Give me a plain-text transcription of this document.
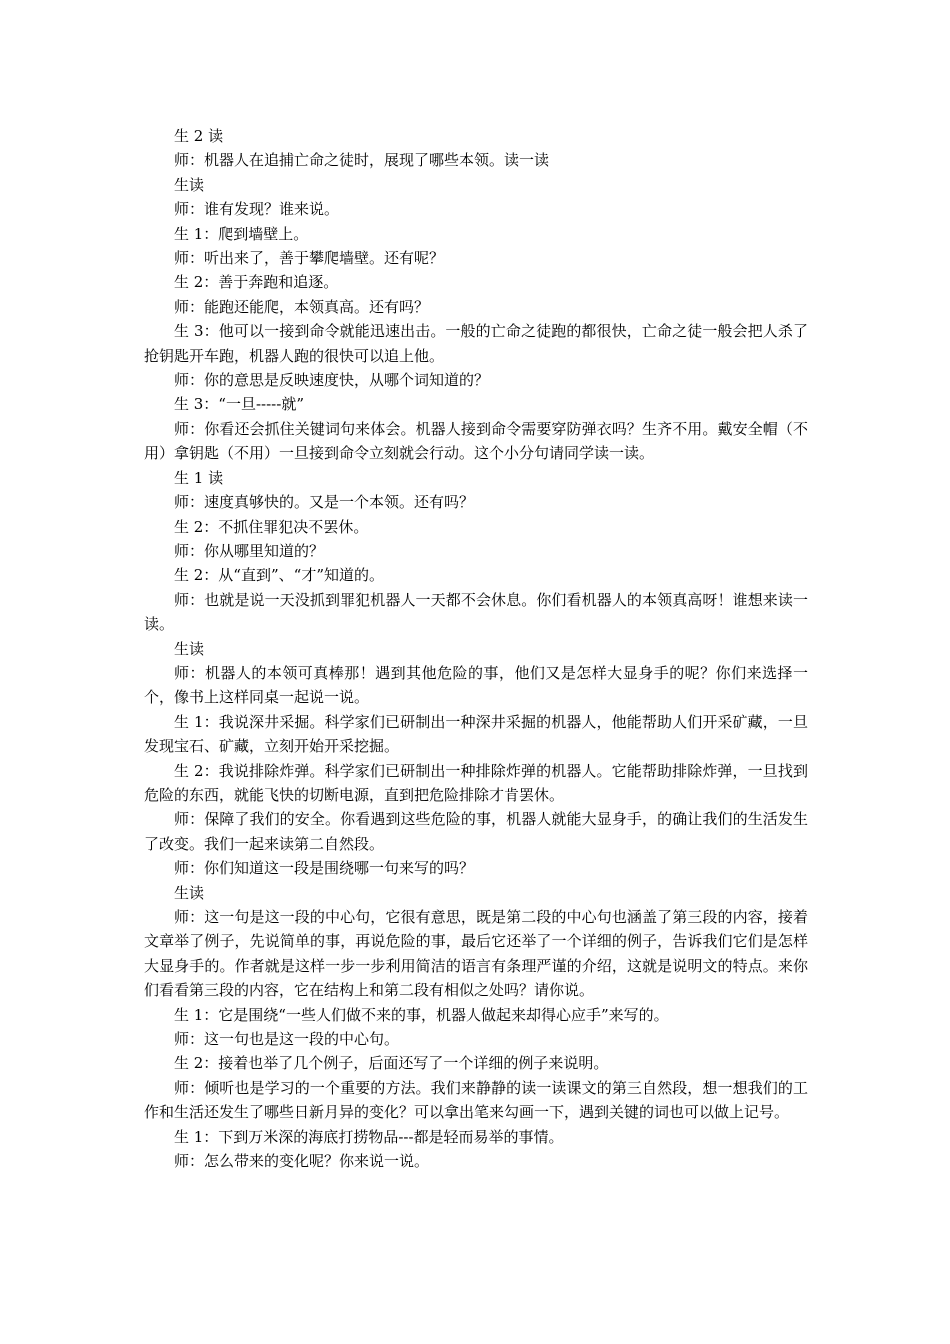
生 2 读

师：机器人在追捕亡命之徒时，展现了哪些本领。读一读

生读

师：谁有发现？谁来说。

生 1：爬到墙壁上。

师：听出来了，善于攀爬墙壁。还有呢？

生 2：善于奔跑和追逐。

师：能跑还能爬，本领真高。还有吗？

生 3：他可以一接到命令就能迅速出击。一般的亡命之徒跑的都很快，亡命之徒一般会把人杀了抢钥匙开车跑，机器人跑的很快可以追上他。

师：你的意思是反映速度快，从哪个词知道的？

生 3：“一旦-----就”

师：你看还会抓住关键词句来体会。机器人接到命令需要穿防弹衣吗？生齐不用。戴安全帽（不用）拿钥匙（不用）一旦接到命令立刻就会行动。这个小分句请同学读一读。

生 1 读

师：速度真够快的。又是一个本领。还有吗？

生 2：不抓住罪犯决不罢休。

师：你从哪里知道的？

生 2：从“直到”、“才”知道的。

师：也就是说一天没抓到罪犯机器人一天都不会休息。你们看机器人的本领真高呀！谁想来读一读。

生读

师：机器人的本领可真棒那！遇到其他危险的事，他们又是怎样大显身手的呢？你们来选择一个，像书上这样同桌一起说一说。

生 1：我说深井采掘。科学家们已研制出一种深井采掘的机器人，他能帮助人们开采矿藏，一旦发现宝石、矿藏，立刻开始开采挖掘。

生 2：我说排除炸弹。科学家们已研制出一种排除炸弹的机器人。它能帮助排除炸弹，一旦找到危险的东西，就能飞快的切断电源，直到把危险排除才肯罢休。

师：保障了我们的安全。你看遇到这些危险的事，机器人就能大显身手，的确让我们的生活发生了改变。我们一起来读第二自然段。

师：你们知道这一段是围绕哪一句来写的吗？

生读

师：这一句是这一段的中心句，它很有意思，既是第二段的中心句也涵盖了第三段的内容，接着文章举了例子，先说简单的事，再说危险的事，最后它还举了一个详细的例子，告诉我们它们是怎样大显身手的。作者就是这样一步一步利用简洁的语言有条理严谨的介绍，这就是说明文的特点。来你们看看第三段的内容，它在结构上和第二段有相似之处吗？请你说。

生 1：它是围绕“一些人们做不来的事，机器人做起来却得心应手”来写的。

师：这一句也是这一段的中心句。

生 2：接着也举了几个例子，后面还写了一个详细的例子来说明。

师：倾听也是学习的一个重要的方法。我们来静静的读一读课文的第三自然段，想一想我们的工作和生活还发生了哪些日新月异的变化？可以拿出笔来勾画一下，遇到关键的词也可以做上记号。

生 1：下到万米深的海底打捞物品---都是轻而易举的事情。

师：怎么带来的变化呢？你来说一说。
